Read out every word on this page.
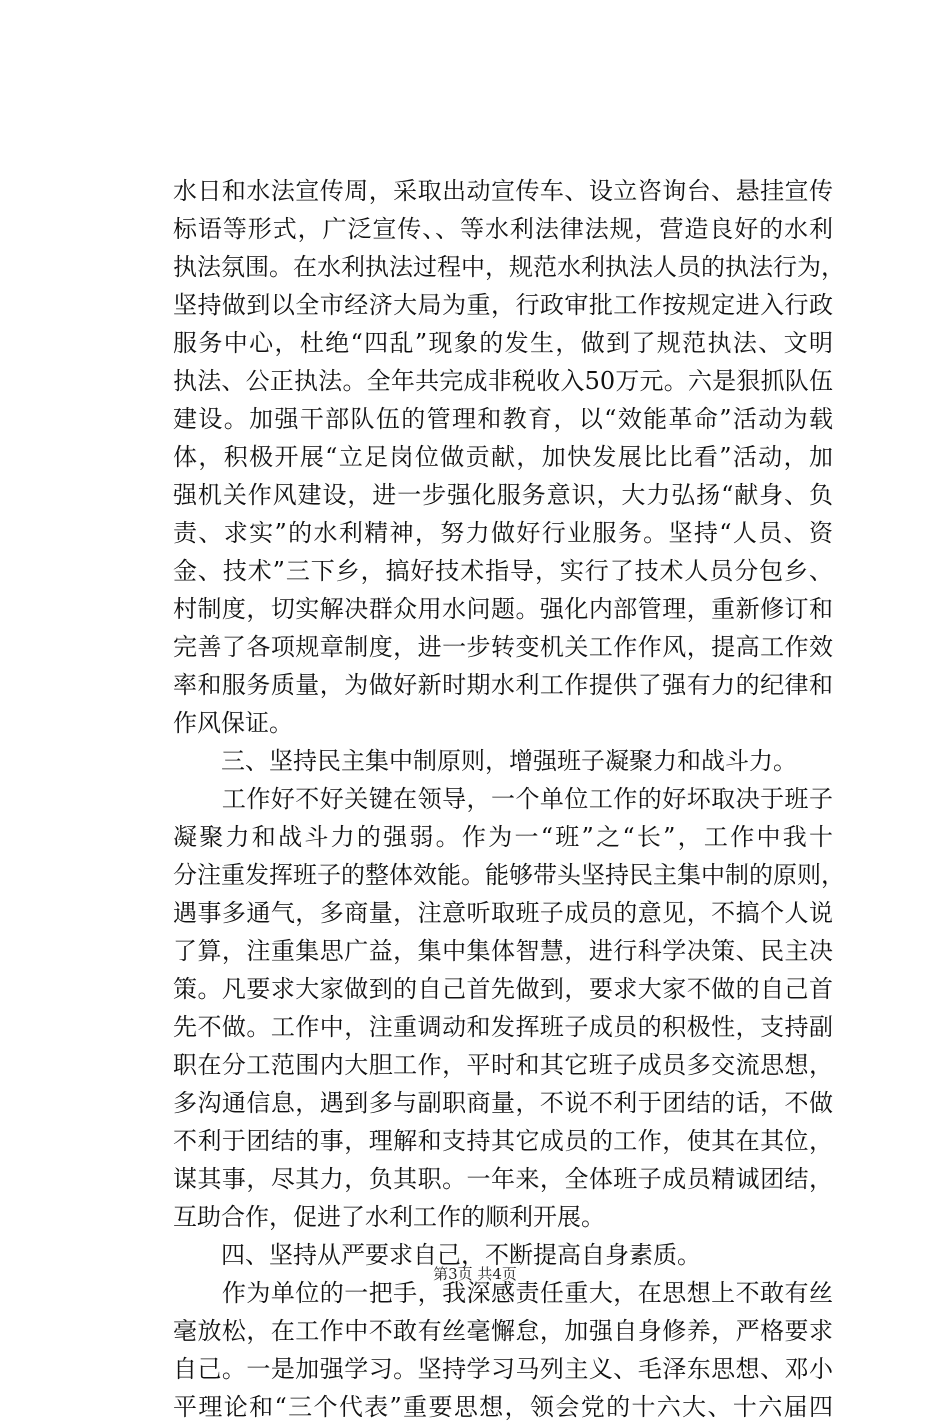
水日和水法宣传周，采取出动宣传车、设立咨询台、悬挂宣传
标语等形式，广泛宣传、、等水利法律法规，营造良好的水利
执法氛围。在水利执法过程中，规范水利执法人员的执法行为，
坚持做到以全市经济大局为重，行政审批工作按规定进入行政
服务中心，杜绝“四乱”现象的发生，做到了规范执法、文明
执法、公正执法。全年共完成非税收入50万元。六是狠抓队伍
建设。加强干部队伍的管理和教育，以“效能革命”活动为载
体，积极开展“立足岗位做贡献，加快发展比比看”活动，加
强机关作风建设，进一步强化服务意识，大力弘扬“献身、负
责、求实”的水利精神，努力做好行业服务。坚持“人员、资
金、技术”三下乡，搞好技术指导，实行了技术人员分包乡、
村制度，切实解决群众用水问题。强化内部管理，重新修订和
完善了各项规章制度，进一步转变机关工作作风，提高工作效
率和服务质量，为做好新时期水利工作提供了强有力的纪律和
作风保证。
　　三、坚持民主集中制原则，增强班子凝聚力和战斗力。
　　工作好不好关键在领导，一个单位工作的好坏取决于班子
凝聚力和战斗力的强弱。作为一“班”之“长”，工作中我十
分注重发挥班子的整体效能。能够带头坚持民主集中制的原则，
遇事多通气，多商量，注意听取班子成员的意见，不搞个人说
了算，注重集思广益，集中集体智慧，进行科学决策、民主决
策。凡要求大家做到的自己首先做到，要求大家不做的自己首
先不做。工作中，注重调动和发挥班子成员的积极性，支持副
职在分工范围内大胆工作，平时和其它班子成员多交流思想，
多沟通信息，遇到多与副职商量，不说不利于团结的话，不做
不利于团结的事，理解和支持其它成员的工作，使其在其位，
谋其事，尽其力，负其职。一年来，全体班子成员精诚团结，
互助合作，促进了水利工作的顺利开展。
　　四、坚持从严要求自己，不断提高自身素质。
　　作为单位的一把手，我深感责任重大，在思想上不敢有丝
毫放松，在工作中不敢有丝毫懈怠，加强自身修养，严格要求
自己。一是加强学习。坚持学习马列主义、毛泽东思想、邓小
平理论和“三个代表”重要思想，领会党的十六大、十六届四
第3页 共4页
